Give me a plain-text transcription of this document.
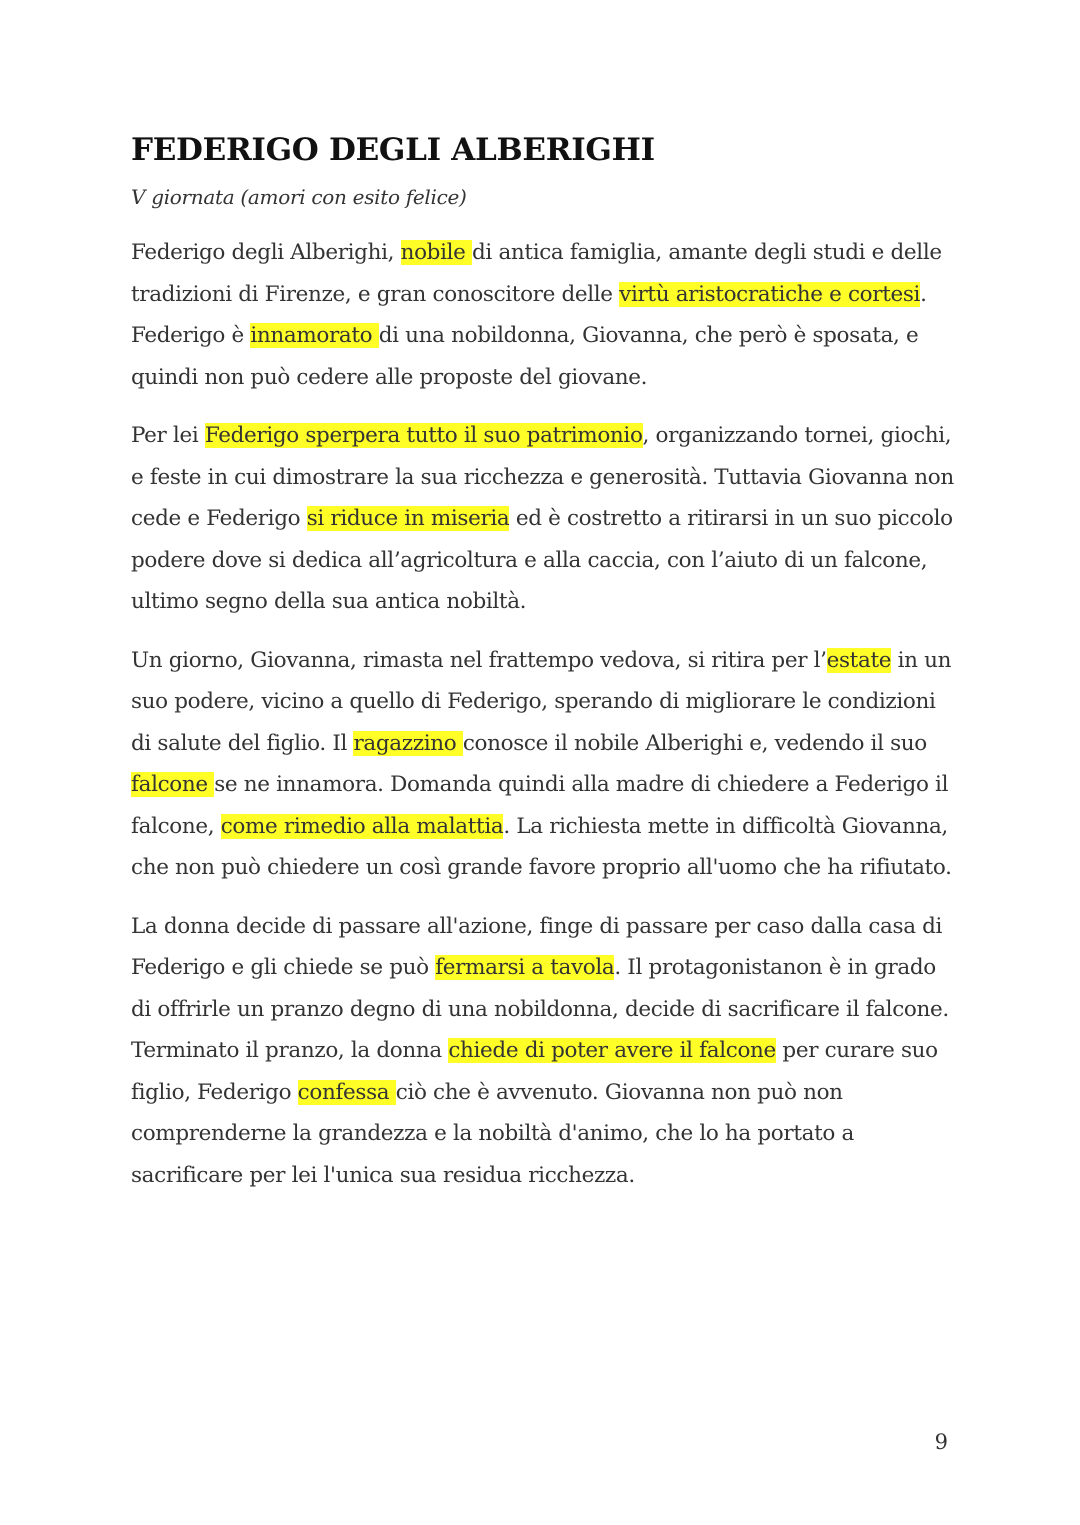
FEDERIGO DEGLI ALBERIGHI
V giornata (amori con esito felice)

Federigo degli Alberighi, nobile di antica famiglia, amante degli studi e delle tradizioni di Firenze, e gran conoscitore delle virtù aristocratiche e cortesi. Federigo è innamorato di una nobildonna, Giovanna, che però è sposata, e quindi non può cedere alle proposte del giovane.

Per lei Federigo sperpera tutto il suo patrimonio, organizzando tornei, giochi, e feste in cui dimostrare la sua ricchezza e generosità. Tuttavia Giovanna non cede e Federigo si riduce in miseria ed è costretto a ritirarsi in un suo piccolo podere dove si dedica all’agricoltura e alla caccia, con l’aiuto di un falcone, ultimo segno della sua antica nobiltà.

Un giorno, Giovanna, rimasta nel frattempo vedova, si ritira per l’estate in un suo podere, vicino a quello di Federigo, sperando di migliorare le condizioni di salute del figlio. Il ragazzino conosce il nobile Alberighi e, vedendo il suo falcone se ne innamora. Domanda quindi alla madre di chiedere a Federigo il falcone, come rimedio alla malattia. La richiesta mette in difficoltà Giovanna, che non può chiedere un così grande favore proprio all'uomo che ha rifiutato.

La donna decide di passare all'azione, finge di passare per caso dalla casa di Federigo e gli chiede se può fermarsi a tavola. Il protagonistanon è in grado di offrirle un pranzo degno di una nobildonna, decide di sacrificare il falcone. Terminato il pranzo, la donna chiede di poter avere il falcone per curare suo figlio, Federigo confessa ciò che è avvenuto. Giovanna non può non comprenderne la grandezza e la nobiltà d'animo, che lo ha portato a sacrificare per lei l'unica sua residua ricchezza.

9
